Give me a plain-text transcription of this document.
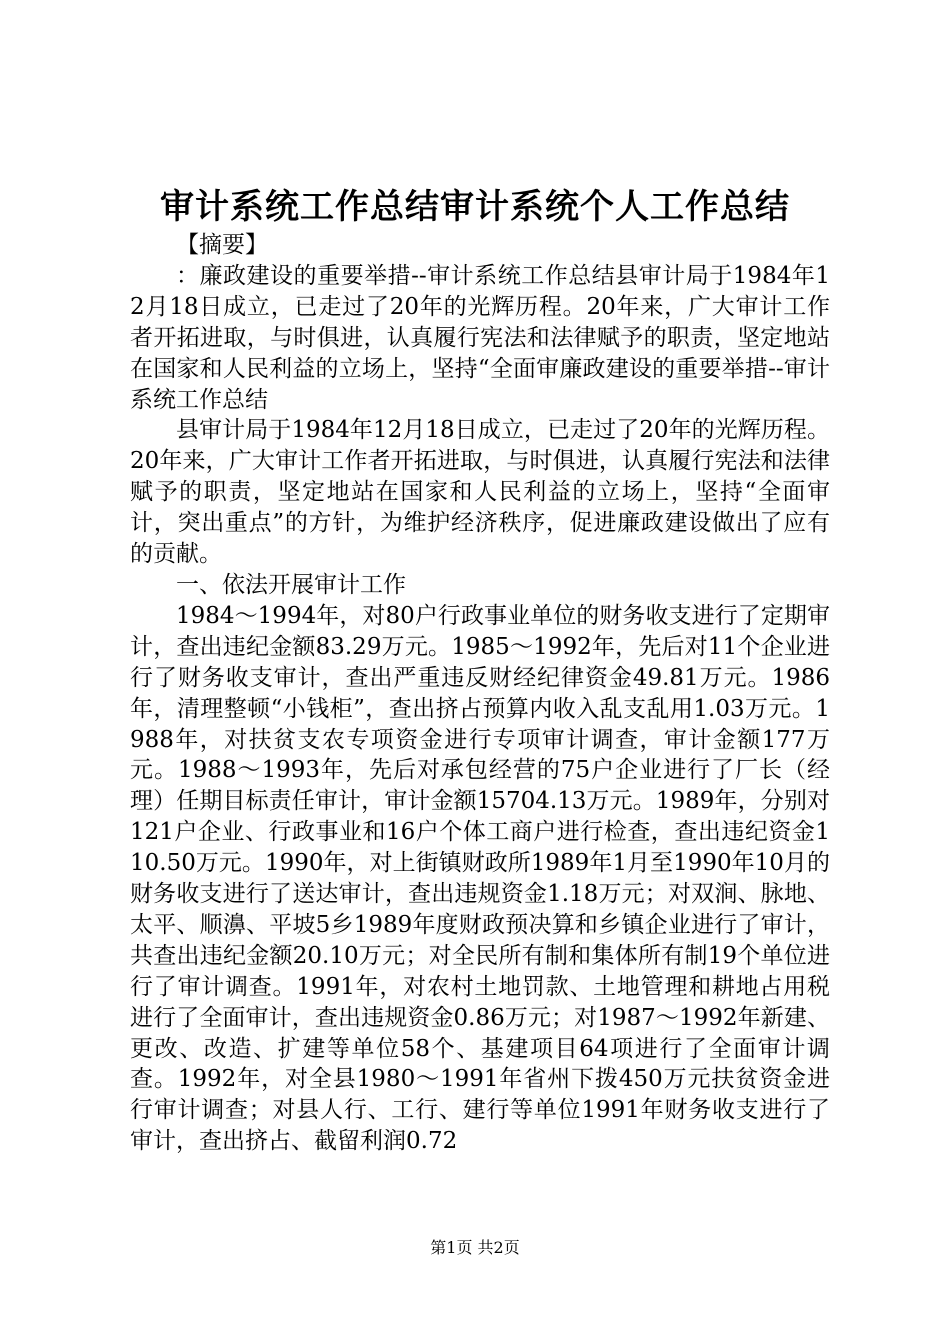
审计系统工作总结审计系统个人工作总结

【摘要】

：廉政建设的重要举措--审计系统工作总结县审计局于1984年12月18日成立，已走过了20年的光辉历程。20年来，广大审计工作者开拓进取，与时俱进，认真履行宪法和法律赋予的职责，坚定地站在国家和人民利益的立场上，坚持“全面审廉政建设的重要举措--审计系统工作总结

县审计局于1984年12月18日成立，已走过了20年的光辉历程。20年来，广大审计工作者开拓进取，与时俱进，认真履行宪法和法律赋予的职责，坚定地站在国家和人民利益的立场上，坚持“全面审计，突出重点”的方针，为维护经济秩序，促进廉政建设做出了应有的贡献。

一、依法开展审计工作

1984～1994年，对80户行政事业单位的财务收支进行了定期审计，查出违纪金额83.29万元。1985～1992年，先后对11个企业进行了财务收支审计，查出严重违反财经纪律资金49.81万元。1986年，清理整顿“小钱柜”，查出挤占预算内收入乱支乱用1.03万元。1988年，对扶贫支农专项资金进行专项审计调查，审计金额177万元。1988～1993年，先后对承包经营的75户企业进行了厂长（经理）任期目标责任审计，审计金额15704.13万元。1989年，分别对121户企业、行政事业和16户个体工商户进行检查，查出违纪资金110.50万元。1990年，对上街镇财政所1989年1月至1990年10月的财务收支进行了送达审计，查出违规资金1.18万元；对双涧、脉地、太平、顺濞、平坡5乡1989年度财政预决算和乡镇企业进行了审计，共查出违纪金额20.10万元；对全民所有制和集体所有制19个单位进行了审计调查。1991年，对农村土地罚款、土地管理和耕地占用税进行了全面审计，查出违规资金0.86万元；对1987～1992年新建、更改、改造、扩建等单位58个、基建项目64项进行了全面审计调查。1992年，对全县1980～1991年省州下拨450万元扶贫资金进行审计调查；对县人行、工行、建行等单位1991年财务收支进行了审计，查出挤占、截留利润0.72

第1页 共2页
